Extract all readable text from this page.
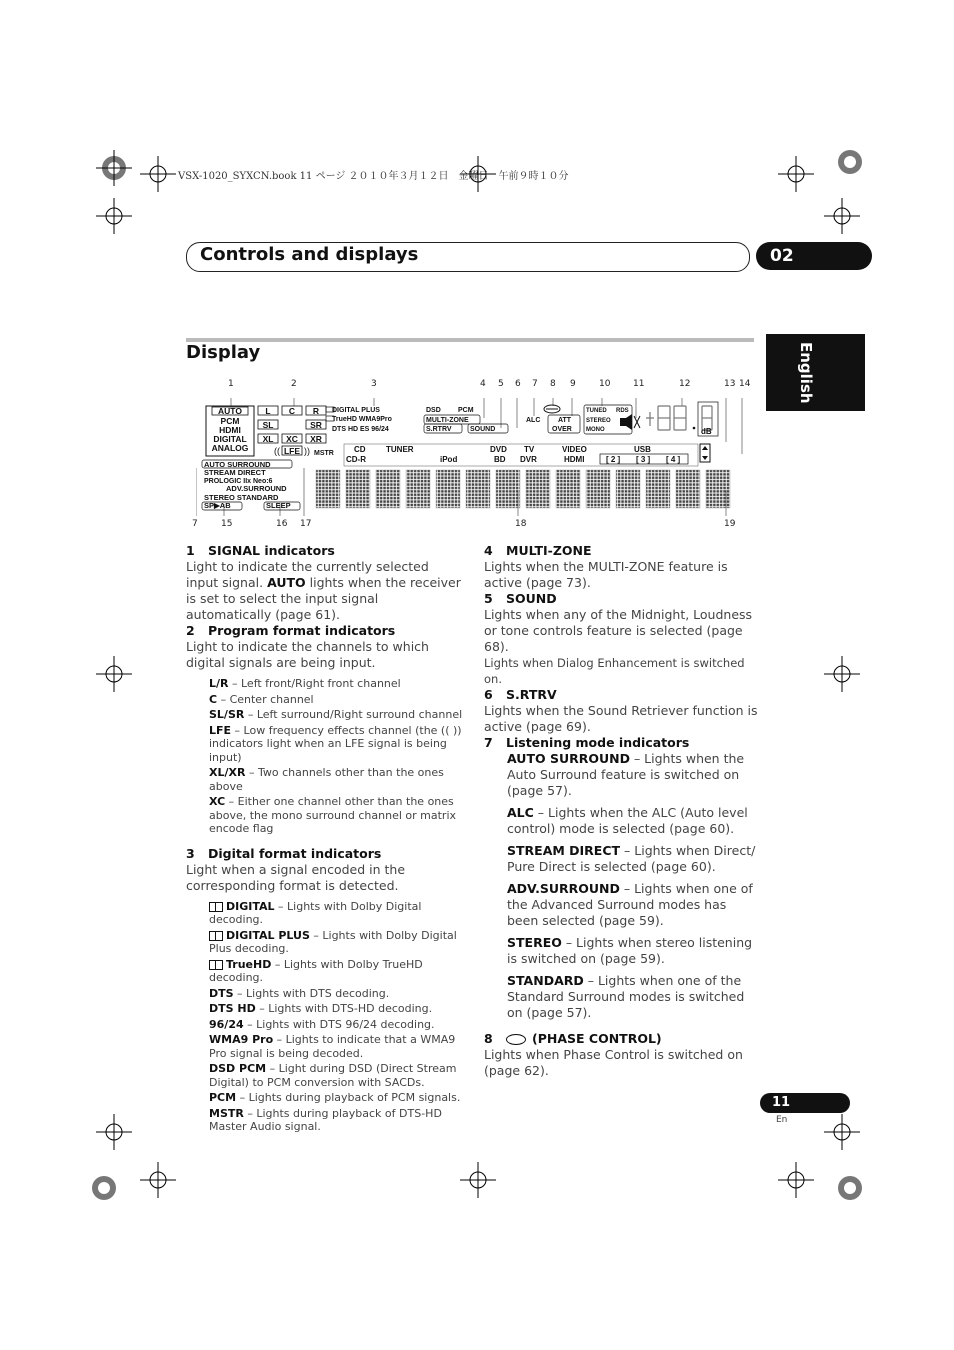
VSX-1020_SYXCN.book 11 ページ ２０１０年３月１２日　金曜日　午前９時１０分
Controls and displays	02
English
Display
1	2	3	4 5 6 7 8 9	10	11	12	13 14
7	15	16 17	18	19
AUTO
PCM
HDMI
DIGITAL
ANALOG
L C R
SL	SR
XL XC XR
LFE
((	)) MSTR
DIGITAL PLUS
TrueHD WMA9Pro
DTS HD ES 96/24
DSD PCM
MULTI-ZONE
S.RTRV	SOUND
ALC	ATT
OVER
TUNED RDS
STEREO
MONO	dB
CD	TUNER	DVD TV	VIDEO	USB
CD-R	iPod	BD DVR	HDMI	[ 2 ] [ 3 ] [ 4 ]
AUTO SURROUND
STREAM DIRECT
PROLOGIC IIx Neo:6
ADV.SURROUND
STEREO STANDARD
SP▶AB	SLEEP

1 SIGNAL indicators

Light to indicate the currently selected input signal. AUTO lights when the receiver is set to select the input signal automatically (page 61).

2 Program format indicators

Light to indicate the channels to which digital signals are being input.

L/R – Left front/Right front channel
C – Center channel
SL/SR – Left surround/Right surround channel
LFE – Low frequency effects channel (the (( )) indicators light when an LFE signal is being input)
XL/XR – Two channels other than the ones above
XC – Either one channel other than the ones above, the mono surround channel or matrix encode flag

3 Digital format indicators

Light when a signal encoded in the corresponding format is detected.

DIGITAL – Lights with Dolby Digital decoding.
DIGITAL PLUS – Lights with Dolby Digital Plus decoding.
TrueHD – Lights with Dolby TrueHD decoding.
DTS – Lights with DTS decoding.
DTS HD – Lights with DTS-HD decoding.
96/24 – Lights with DTS 96/24 decoding.
WMA9 Pro – Lights to indicate that a WMA9 Pro signal is being decoded.
DSD PCM – Light during DSD (Direct Stream Digital) to PCM conversion with SACDs.
PCM – Lights during playback of PCM signals.
MSTR – Lights during playback of DTS-HD Master Audio signal.

4 MULTI-ZONE

Lights when the MULTI-ZONE feature is active (page 73).

5 SOUND

Lights when any of the Midnight, Loudness or tone controls feature is selected (page 68).

Lights when Dialog Enhancement is switched on.

6 S.RTRV

Lights when the Sound Retriever function is active (page 69).

7 Listening mode indicators

AUTO SURROUND – Lights when the Auto Surround feature is switched on (page 57).
ALC – Lights when the ALC (Auto level control) mode is selected (page 60).
STREAM DIRECT – Lights when Direct/ Pure Direct is selected (page 60).
ADV.SURROUND – Lights when one of the Advanced Surround modes has been selected (page 59).
STEREO – Lights when stereo listening is switched on (page 59).
STANDARD – Lights when one of the Standard Surround modes is switched on (page 57).

8	(PHASE CONTROL)

Lights when Phase Control is switched on (page 62).

11
En
